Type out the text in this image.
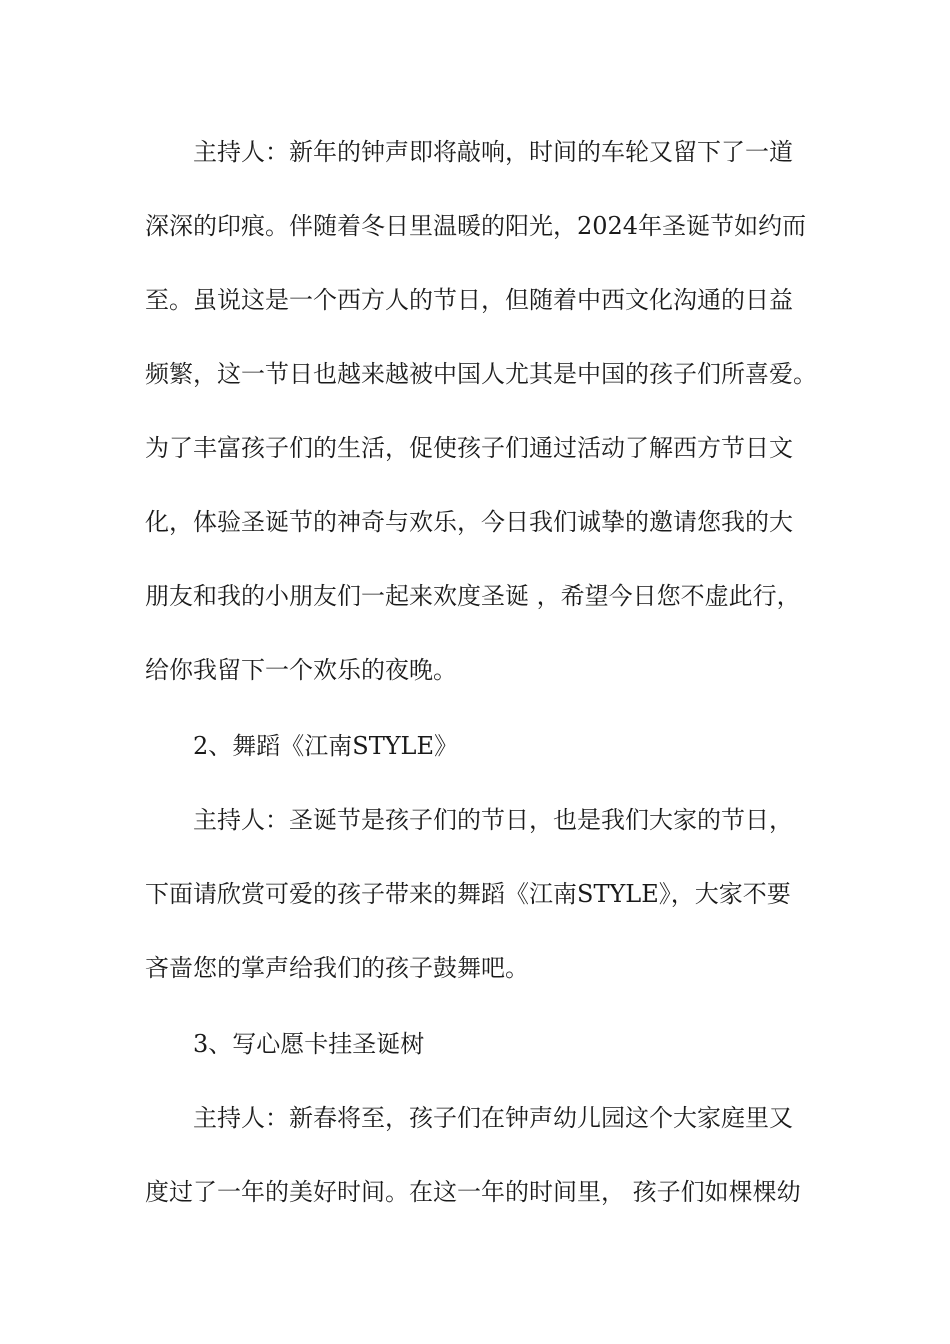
主持人：新年的钟声即将敲响，时间的车轮又留下了一道
深深的印痕。伴随着冬日里温暖的阳光，2024年圣诞节如约而
至。虽说这是一个西方人的节日，但随着中西文化沟通的日益
频繁，这一节日也越来越被中国人尤其是中国的孩子们所喜爱。
为了丰富孩子们的生活，促使孩子们通过活动了解西方节日文
化，体验圣诞节的神奇与欢乐，今日我们诚挚的邀请您我的大
朋友和我的小朋友们一起来欢度圣诞 ，希望今日您不虚此行，
给你我留下一个欢乐的夜晚。
2、舞蹈《江南STYLE》
主持人：圣诞节是孩子们的节日，也是我们大家的节日，
下面请欣赏可爱的孩子带来的舞蹈《江南STYLE》，大家不要
吝啬您的掌声给我们的孩子鼓舞吧。
3、写心愿卡挂圣诞树
主持人：新春将至，孩子们在钟声幼儿园这个大家庭里又
度过了一年的美好时间。在这一年的时间里， 孩子们如棵棵幼
